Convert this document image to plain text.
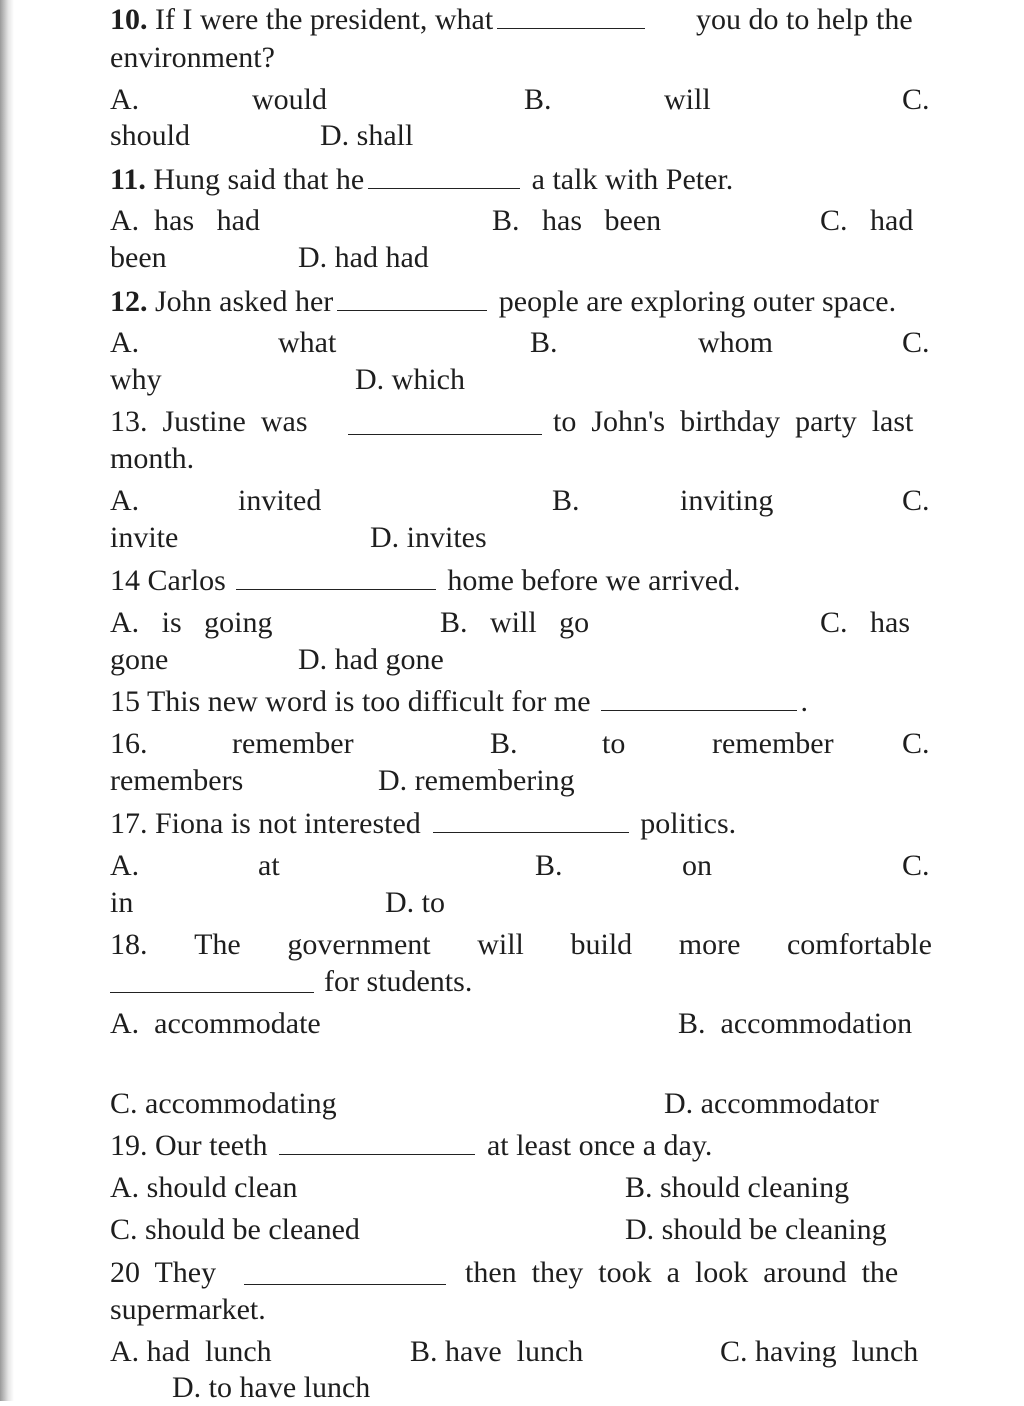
10. If I were the president, what	you do to help the
environment?
A.	would	B.	will	C.
should	D. shall
11. Hung said that he	a talk with Peter.
A.  has   had	B.   has   been	C.   had
been	D. had had
12. John asked her	people are exploring outer space.
A.	what	B.	whom	C.
why	D. which
13. Justine  was	to  John's  birthday  party  last
month.
A.	invited	B.	inviting	C.
invite	D. invites
14 Carlos	home before we arrived.
A.   is   going	B.   will   go	C.   has
gone	D. had gone
15 This new word is too difficult for me	.
16.	remember	B.	to	remember C.
remembers	D. remembering
17. Fiona is not interested	politics.
A.	at	B.	on	C.
in	D. to
18. The government will build more comfortable
for students.
A.  accommodate	B.  accommodation
C. accommodating	D. accommodator
19. Our teeth	at least once a day.
A. should clean	B. should cleaning
C. should be cleaned	D. should be cleaning
20 They	then  they  took  a  look  around  the
supermarket.
A. had  lunch	B. have  lunch	C. having  lunch
D. to have lunch
